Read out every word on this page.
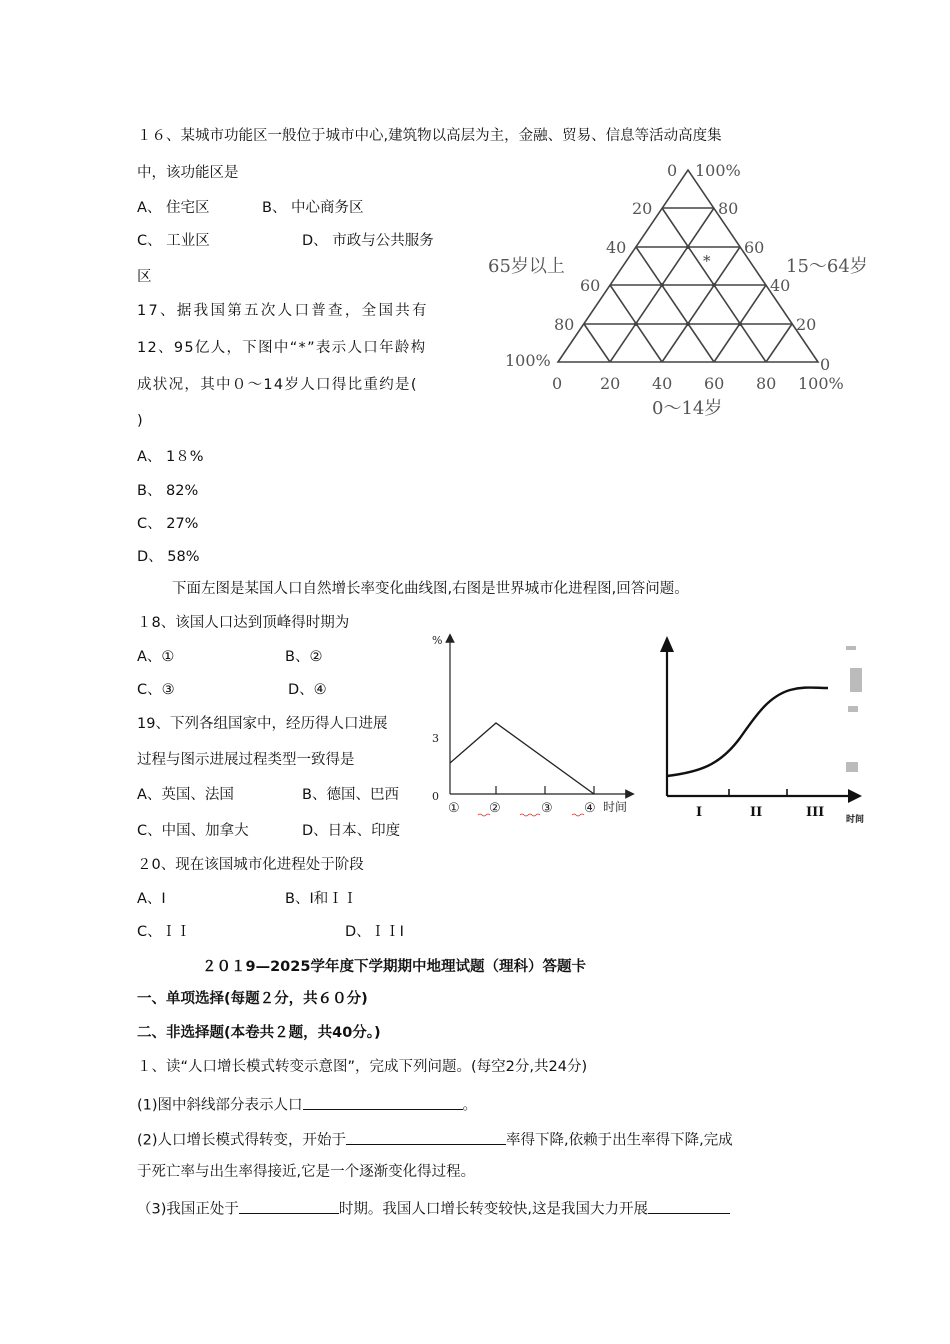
１６、某城市功能区一般位于城市中心,建筑物以高层为主，金融、贸易、信息等活动高度集
中，该功能区是
A、 住宅区	B、 中心商务区
C、 工业区	D、 市政与公共服务
区
17、据我国第五次人口普查，全国共有
12、95亿人，下图中“*”表示人口年龄构
成状况，其中０～14岁人口得比重约是(
)
A、 1８%
B、 82%
C、 27%
D、 58%
*
0
20
40
60
80
100%
100%
80
60
40
20
0
0 20 40 60 80 100%
65岁以上	15～64岁
0～14岁
下面左图是某国人口自然增长率变化曲线图,右图是世界城市化进程图,回答问题。
１8、该国人口达到顶峰得时期为
A、①	B、②
C、③	D、④
19、下列各组国家中，经历得人口进展
过程与图示进展过程类型一致得是
A、英国、法国	B、德国、巴西
C、中国、加拿大	D、日本、印度
２0、现在该国城市化进程处于阶段
A、I	B、I和ＩＩ
C、ＩＩ	D、ＩＩI
%
3
0
① ②	③ ④ 时间	I	II	III 时间
２０１9—2025学年度下学期期中地理试题（理科）答题卡
一、单项选择(每题２分，共６０分)
二、非选择题(本卷共２题，共40分。)
１、读“人口增长模式转变示意图”，完成下列问题。(每空2分,共24分)
(1)图中斜线部分表示人口	。
(2)人口增长模式得转变，开始于	率得下降,依赖于出生率得下降,完成
于死亡率与出生率得接近,它是一个逐渐变化得过程。
（3)我国正处于	时期。我国人口增长转变较快,这是我国大力开展
